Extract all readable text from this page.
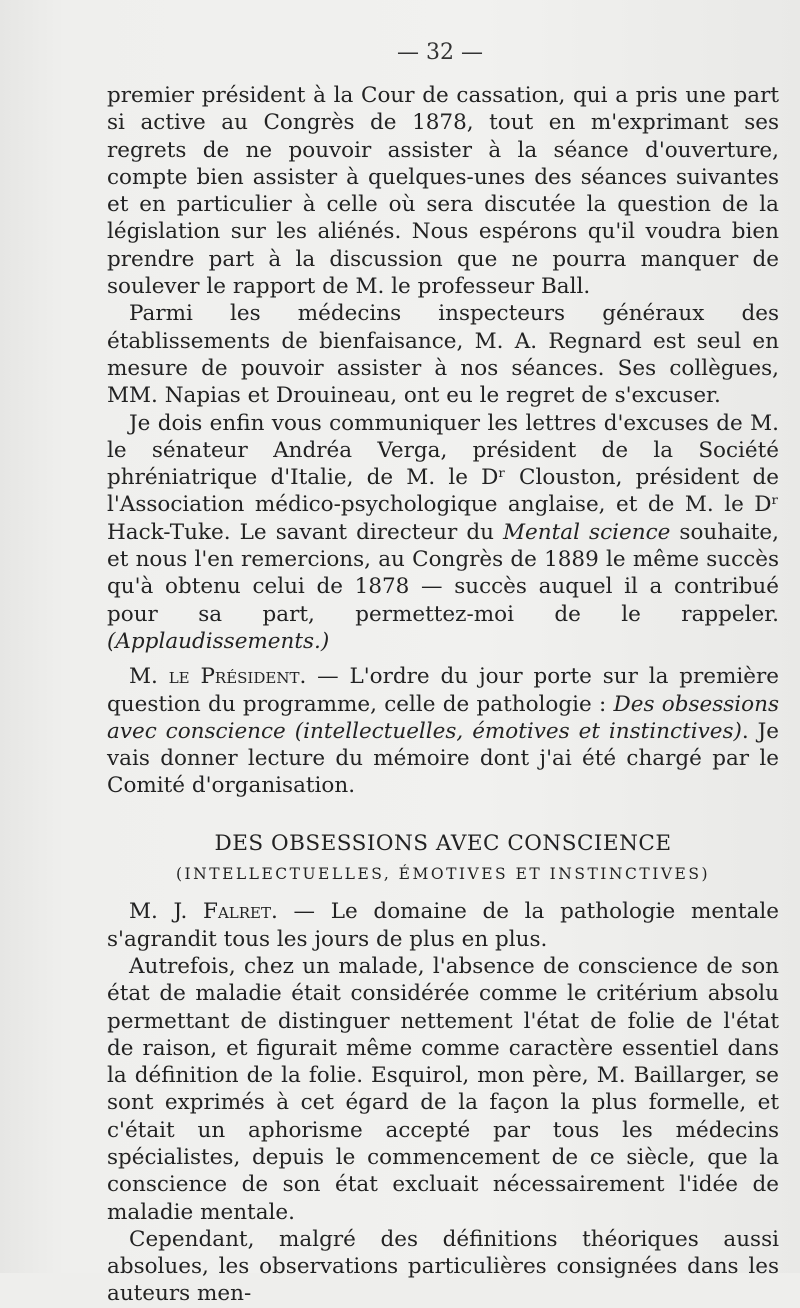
— 32 —

premier président à la Cour de cassation, qui a pris une part si active au Congrès de 1878, tout en m'exprimant ses regrets de ne pouvoir assister à la séance d'ouverture, compte bien assister à quelques-unes des séances suivantes et en particulier à celle où sera discutée la question de la législation sur les aliénés. Nous espérons qu'il voudra bien prendre part à la discussion que ne pourra manquer de soulever le rapport de M. le professeur Ball.

Parmi les médecins inspecteurs généraux des établissements de bienfaisance, M. A. Regnard est seul en mesure de pouvoir assister à nos séances. Ses collègues, MM. Napias et Drouineau, ont eu le regret de s'excuser.

Je dois enfin vous communiquer les lettres d'excuses de M. le sénateur Andréa Verga, président de la Société phréniatrique d'Italie, de M. le Dʳ Clouston, président de l'Association médico-psychologique anglaise, et de M. le Dʳ Hack-Tuke. Le savant directeur du Mental science souhaite, et nous l'en remercions, au Congrès de 1889 le même succès qu'à obtenu celui de 1878 — succès auquel il a contribué pour sa part, permettez-moi de le rappeler. (Applaudissements.)

M. le Président. — L'ordre du jour porte sur la première question du programme, celle de pathologie : Des obsessions avec conscience (intellectuelles, émotives et instinctives). Je vais donner lecture du mémoire dont j'ai été chargé par le Comité d'organisation.

DES OBSESSIONS AVEC CONSCIENCE
(INTELLECTUELLES, ÉMOTIVES ET INSTINCTIVES)

M. J. Falret. — Le domaine de la pathologie mentale s'agrandit tous les jours de plus en plus.

Autrefois, chez un malade, l'absence de conscience de son état de maladie était considérée comme le critérium absolu permettant de distinguer nettement l'état de folie de l'état de raison, et figurait même comme caractère essentiel dans la définition de la folie. Esquirol, mon père, M. Baillarger, se sont exprimés à cet égard de la façon la plus formelle, et c'était un aphorisme accepté par tous les médecins spécialistes, depuis le commencement de ce siècle, que la conscience de son état excluait nécessairement l'idée de maladie mentale.

Cependant, malgré des définitions théoriques aussi absolues, les observations particulières consignées dans les auteurs men-
